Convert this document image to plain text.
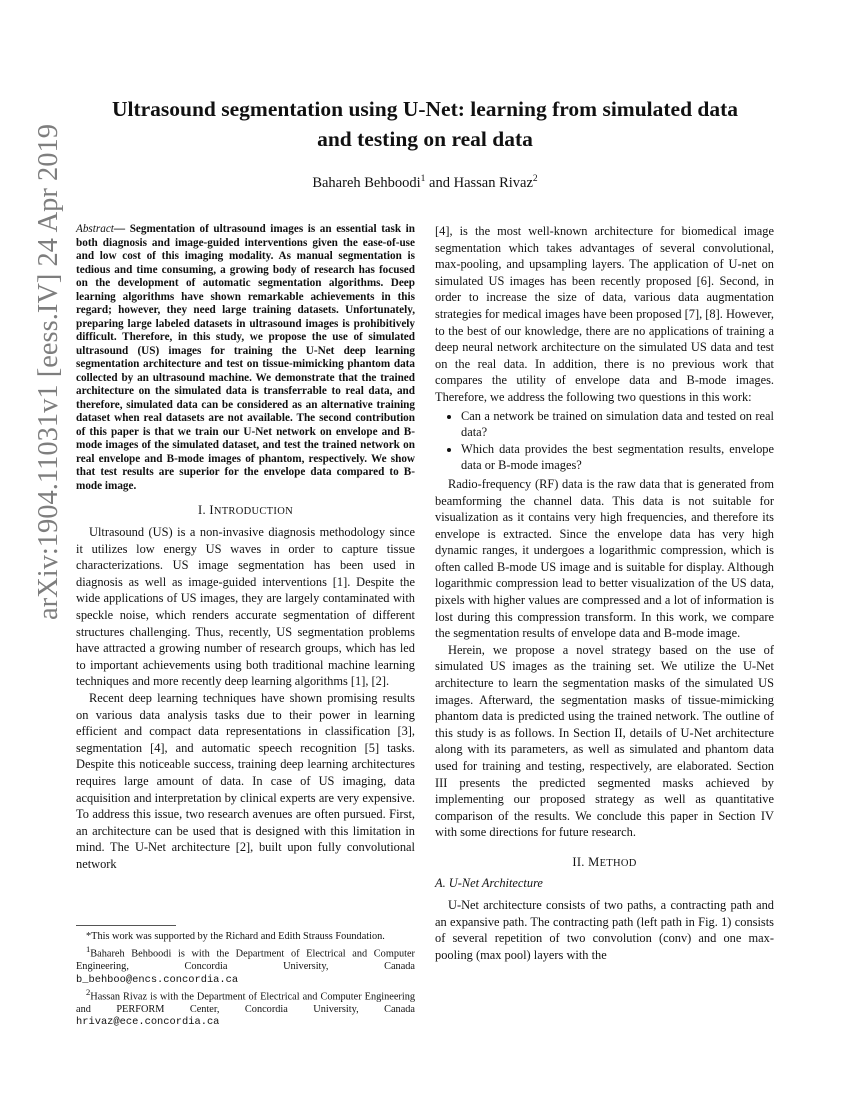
arXiv:1904.11031v1 [eess.IV] 24 Apr 2019
Ultrasound segmentation using U-Net: learning from simulated data
and testing on real data
Bahareh Behboodi$^1$ and Hassan Rivaz$^2$

Abstract— Segmentation of ultrasound images is an essential task in both diagnosis and image-guided interventions given the ease-of-use and low cost of this imaging modality. As manual segmentation is tedious and time consuming, a growing body of research has focused on the development of automatic segmentation algorithms. Deep learning algorithms have shown remarkable achievements in this regard; however, they need large training datasets. Unfortunately, preparing large labeled datasets in ultrasound images is prohibitively difficult. Therefore, in this study, we propose the use of simulated ultrasound (US) images for training the U-Net deep learning segmentation architecture and test on tissue-mimicking phantom data collected by an ultrasound machine. We demonstrate that the trained architecture on the simulated data is transferrable to real data, and therefore, simulated data can be considered as an alternative training dataset when real datasets are not available. The second contribution of this paper is that we train our U-Net network on envelope and B-mode images of the simulated dataset, and test the trained network on real envelope and B-mode images of phantom, respectively. We show that test results are superior for the envelope data compared to B-mode image.

I. INTRODUCTION

Ultrasound (US) is a non-invasive diagnosis methodology since it utilizes low energy US waves in order to capture tissue characterizations. US image segmentation has been used in diagnosis as well as image-guided interventions [1]. Despite the wide applications of US images, they are largely contaminated with speckle noise, which renders accurate segmentation of different structures challenging. Thus, recently, US segmentation problems have attracted a growing number of research groups, which has led to important achievements using both traditional machine learning techniques and more recently deep learning algorithms [1], [2].

Recent deep learning techniques have shown promising results on various data analysis tasks due to their power in learning efficient and compact data representations in classification [3], segmentation [4], and automatic speech recognition [5] tasks. Despite this noticeable success, training deep learning architectures requires large amount of data. In case of US imaging, data acquisition and interpretation by clinical experts are very expensive. To address this issue, two research avenues are often pursued. First, an architecture can be used that is designed with this limitation in mind. The U-Net architecture [2], built upon fully convolutional network

*This work was supported by the Richard and Edith Strauss Foundation.

$^1$Bahareh Behboodi is with the Department of Electrical and Computer Engineering, Concordia University, Canada b_behboo@encs.concordia.ca

$^2$Hassan Rivaz is with the Department of Electrical and Computer Engineering and PERFORM Center, Concordia University, Canada hrivaz@ece.concordia.ca

[4], is the most well-known architecture for biomedical image segmentation which takes advantages of several convolutional, max-pooling, and upsampling layers. The application of U-net on simulated US images has been recently proposed [6]. Second, in order to increase the size of data, various data augmentation strategies for medical images have been proposed [7], [8]. However, to the best of our knowledge, there are no applications of training a deep neural network architecture on the simulated US data and test on the real data. In addition, there is no previous work that compares the utility of envelope data and B-mode images. Therefore, we address the following two questions in this work:

• Can a network be trained on simulation data and tested on real data?
• Which data provides the best segmentation results, envelope data or B-mode images?

Radio-frequency (RF) data is the raw data that is generated from beamforming the channel data. This data is not suitable for visualization as it contains very high frequencies, and therefore its envelope is extracted. Since the envelope data has very high dynamic ranges, it undergoes a logarithmic compression, which is often called B-mode US image and is suitable for display. Although logarithmic compression lead to better visualization of the US data, pixels with higher values are compressed and a lot of information is lost during this compression transform. In this work, we compare the segmentation results of envelope data and B-mode image.

Herein, we propose a novel strategy based on the use of simulated US images as the training set. We utilize the U-Net architecture to learn the segmentation masks of the simulated US images. Afterward, the segmentation masks of tissue-mimicking phantom data is predicted using the trained network. The outline of this study is as follows. In Section II, details of U-Net architecture along with its parameters, as well as simulated and phantom data used for training and testing, respectively, are elaborated. Section III presents the predicted segmented masks achieved by implementing our proposed strategy as well as quantitative comparison of the results. We conclude this paper in Section IV with some directions for future research.

II. METHOD
A. U-Net Architecture

U-Net architecture consists of two paths, a contracting path and an expansive path. The contracting path (left path in Fig. 1) consists of several repetition of two convolution (conv) and one max-pooling (max pool) layers with the
